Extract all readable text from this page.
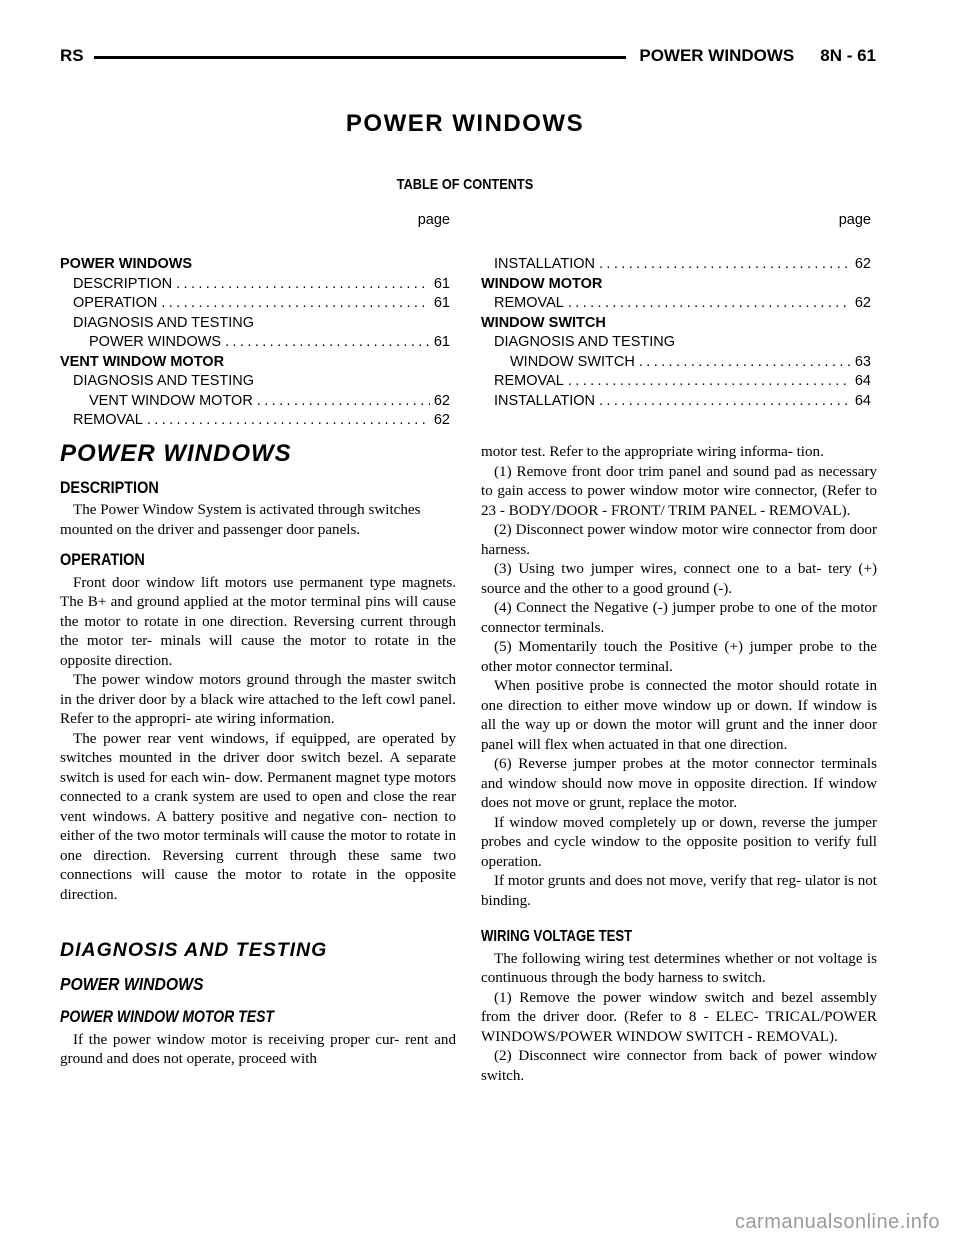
RS	POWER WINDOWS 8N - 61
POWER WINDOWS
TABLE OF CONTENTS
page
POWER WINDOWS
DESCRIPTION .....	61
OPERATION .....	61
DIAGNOSIS AND TESTING
POWER WINDOWS .....	61
VENT WINDOW MOTOR
DIAGNOSIS AND TESTING
VENT WINDOW MOTOR .....	62
REMOVAL .....	62
page
INSTALLATION .....	62
WINDOW MOTOR
REMOVAL .....	62
WINDOW SWITCH
DIAGNOSIS AND TESTING
WINDOW SWITCH .....	63
REMOVAL .....	64
INSTALLATION .....	64
POWER WINDOWS
DESCRIPTION

The Power Window System is activated through switches mounted on the driver and passenger door panels.

OPERATION

Front door window lift motors use permanent type magnets. The B+ and ground applied at the motor terminal pins will cause the motor to rotate in one direction. Reversing current through the motor ter- minals will cause the motor to rotate in the opposite direction.

The power window motors ground through the master switch in the driver door by a black wire attached to the left cowl panel. Refer to the appropri- ate wiring information.

The power rear vent windows, if equipped, are operated by switches mounted in the driver door switch bezel. A separate switch is used for each win- dow. Permanent magnet type motors connected to a crank system are used to open and close the rear vent windows. A battery positive and negative con- nection to either of the two motor terminals will cause the motor to rotate in one direction. Reversing current through these same two connections will cause the motor to rotate in the opposite direction.

DIAGNOSIS AND TESTING
POWER WINDOWS
POWER WINDOW MOTOR TEST

If the power window motor is receiving proper cur- rent and ground and does not operate, proceed with

motor test. Refer to the appropriate wiring informa- tion.

(1) Remove front door trim panel and sound pad as necessary to gain access to power window motor wire connector, (Refer to 23 - BODY/DOOR - FRONT/ TRIM PANEL - REMOVAL).

(2) Disconnect power window motor wire connector from door harness.

(3) Using two jumper wires, connect one to a bat- tery (+) source and the other to a good ground (-).

(4) Connect the Negative (-) jumper probe to one of the motor connector terminals.

(5) Momentarily touch the Positive (+) jumper probe to the other motor connector terminal.

When positive probe is connected the motor should rotate in one direction to either move window up or down. If window is all the way up or down the motor will grunt and the inner door panel will flex when actuated in that one direction.

(6) Reverse jumper probes at the motor connector terminals and window should now move in opposite direction. If window does not move or grunt, replace the motor.

If window moved completely up or down, reverse the jumper probes and cycle window to the opposite position to verify full operation.

If motor grunts and does not move, verify that reg- ulator is not binding.

WIRING VOLTAGE TEST

The following wiring test determines whether or not voltage is continuous through the body harness to switch.

(1) Remove the power window switch and bezel assembly from the driver door. (Refer to 8 - ELEC- TRICAL/POWER WINDOWS/POWER WINDOW SWITCH - REMOVAL).

(2) Disconnect wire connector from back of power window switch.

carmanualsonline.info
